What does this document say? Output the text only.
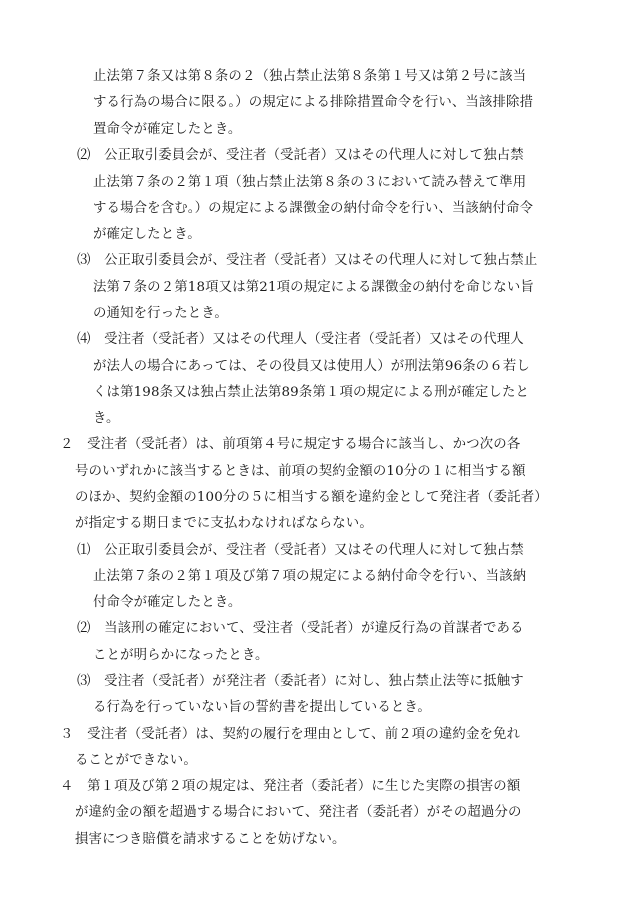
止法第７条又は第８条の２（独占禁止法第８条第１号又は第２号に該当
する行為の場合に限る。）の規定による排除措置命令を行い、当該排除措
置命令が確定したとき。
⑵　公正取引委員会が、受注者（受託者）又はその代理人に対して独占禁
止法第７条の２第１項（独占禁止法第８条の３において読み替えて準用
する場合を含む。）の規定による課徴金の納付命令を行い、当該納付命令
が確定したとき。
⑶　公正取引委員会が、受注者（受託者）又はその代理人に対して独占禁止
法第７条の２第18項又は第21項の規定による課徴金の納付を命じない旨
の通知を行ったとき。
⑷　受注者（受託者）又はその代理人（受注者（受託者）又はその代理人
が法人の場合にあっては、その役員又は使用人）が刑法第96条の６若し
くは第198条又は独占禁止法第89条第１項の規定による刑が確定したと
き。
２　受注者（受託者）は、前項第４号に規定する場合に該当し、かつ次の各
号のいずれかに該当するときは、前項の契約金額の10分の１に相当する額
のほか、契約金額の100分の５に相当する額を違約金として発注者（委託者）
が指定する期日までに支払わなければならない。
⑴　公正取引委員会が、受注者（受託者）又はその代理人に対して独占禁
止法第７条の２第１項及び第７項の規定による納付命令を行い、当該納
付命令が確定したとき。
⑵　当該刑の確定において、受注者（受託者）が違反行為の首謀者である
ことが明らかになったとき。
⑶　受注者（受託者）が発注者（委託者）に対し、独占禁止法等に抵触す
る行為を行っていない旨の誓約書を提出しているとき。
３　受注者（受託者）は、契約の履行を理由として、前２項の違約金を免れ
ることができない。
４　第１項及び第２項の規定は、発注者（委託者）に生じた実際の損害の額
が違約金の額を超過する場合において、発注者（委託者）がその超過分の
損害につき賠償を請求することを妨げない。
